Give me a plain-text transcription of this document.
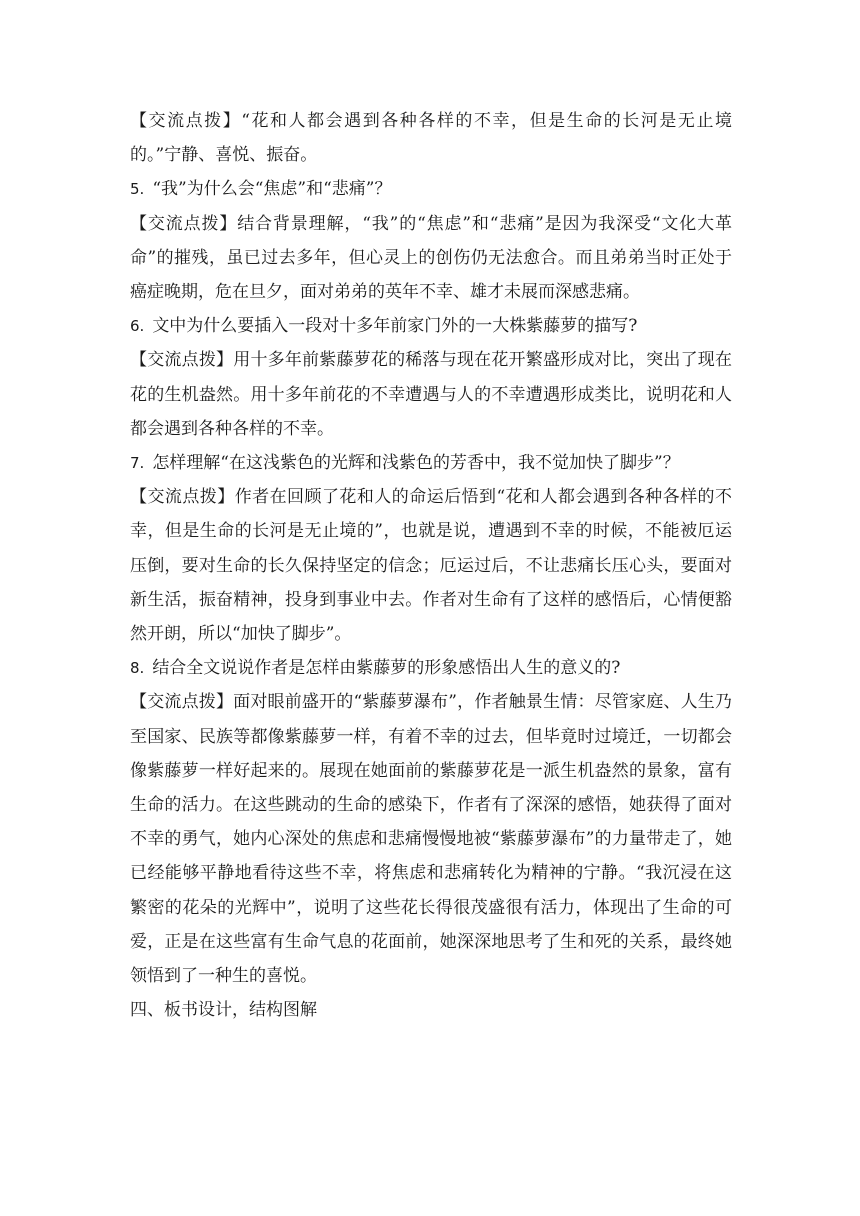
【交流点拨】“花和人都会遇到各种各样的不幸，但是生命的长河是无止境的。”宁静、喜悦、振奋。

5. “我”为什么会“焦虑”和“悲痛”？

【交流点拨】结合背景理解，“我”的“焦虑”和“悲痛”是因为我深受“文化大革命”的摧残，虽已过去多年，但心灵上的创伤仍无法愈合。而且弟弟当时正处于癌症晚期，危在旦夕，面对弟弟的英年不幸、雄才未展而深感悲痛。

6. 文中为什么要插入一段对十多年前家门外的一大株紫藤萝的描写?

【交流点拨】用十多年前紫藤萝花的稀落与现在花开繁盛形成对比，突出了现在花的生机盎然。用十多年前花的不幸遭遇与人的不幸遭遇形成类比，说明花和人都会遇到各种各样的不幸。

7. 怎样理解“在这浅紫色的光辉和浅紫色的芳香中，我不觉加快了脚步”？

【交流点拨】作者在回顾了花和人的命运后悟到“花和人都会遇到各种各样的不幸，但是生命的长河是无止境的”，也就是说，遭遇到不幸的时候，不能被厄运压倒，要对生命的长久保持坚定的信念；厄运过后，不让悲痛长压心头，要面对新生活，振奋精神，投身到事业中去。作者对生命有了这样的感悟后，心情便豁然开朗，所以“加快了脚步”。

8. 结合全文说说作者是怎样由紫藤萝的形象感悟出人生的意义的?

【交流点拨】面对眼前盛开的“紫藤萝瀑布”，作者触景生情：尽管家庭、人生乃至国家、民族等都像紫藤萝一样，有着不幸的过去，但毕竟时过境迁，一切都会像紫藤萝一样好起来的。展现在她面前的紫藤萝花是一派生机盎然的景象，富有生命的活力。在这些跳动的生命的感染下，作者有了深深的感悟，她获得了面对不幸的勇气，她内心深处的焦虑和悲痛慢慢地被“紫藤萝瀑布”的力量带走了，她已经能够平静地看待这些不幸，将焦虑和悲痛转化为精神的宁静。“我沉浸在这繁密的花朵的光辉中”，说明了这些花长得很茂盛很有活力，体现出了生命的可爱，正是在这些富有生命气息的花面前，她深深地思考了生和死的关系，最终她领悟到了一种生的喜悦。

四、板书设计，结构图解
